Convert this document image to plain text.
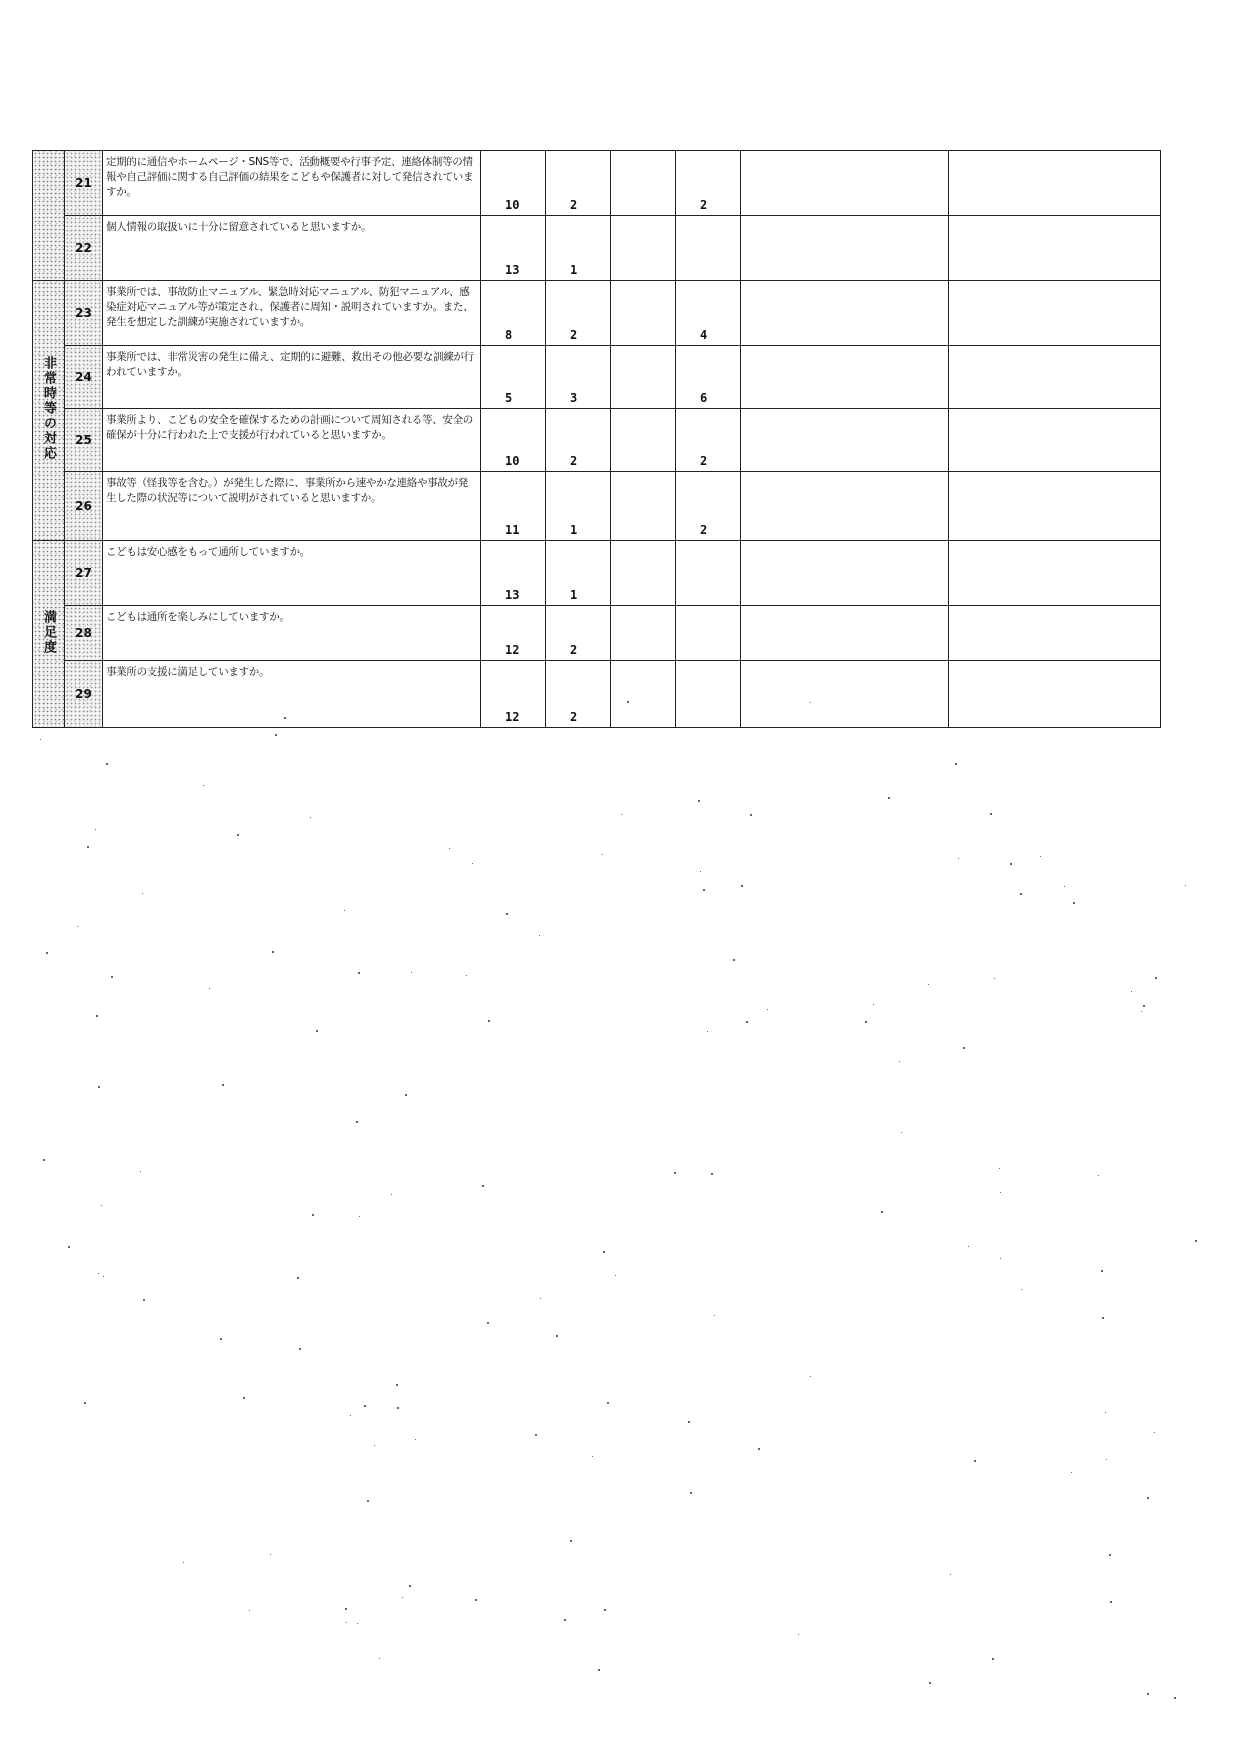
	21	定期的に通信やホームページ・SNS等で、活動概要や行事予定、連絡体制等の情報や自己評価に関する自己評価の結果をこどもや保護者に対して発信されていますか。	10	2		2		
	22	個人情報の取扱いに十分に留意されていると思いますか。	13	1				
非常時等の対応	23	事業所では、事故防止マニュアル、緊急時対応マニュアル、防犯マニュアル、感染症対応マニュアル等が策定され、保護者に周知・説明されていますか。また、発生を想定した訓練が実施されていますか。	8	2		4		
	24	事業所では、非常災害の発生に備え、定期的に避難、救出その他必要な訓練が行われていますか。	5	3		6		
	25	事業所より、こどもの安全を確保するための計画について周知される等、安全の確保が十分に行われた上で支援が行われていると思いますか。	10	2		2		
	26	事故等（怪我等を含む。）が発生した際に、事業所から速やかな連絡や事故が発生した際の状況等について説明がされていると思いますか。	11	1		2		
満足度	27	こどもは安心感をもって通所していますか。	13	1				
	28	こどもは通所を楽しみにしていますか。	12	2				
	29	事業所の支援に満足していますか。	12	2				
